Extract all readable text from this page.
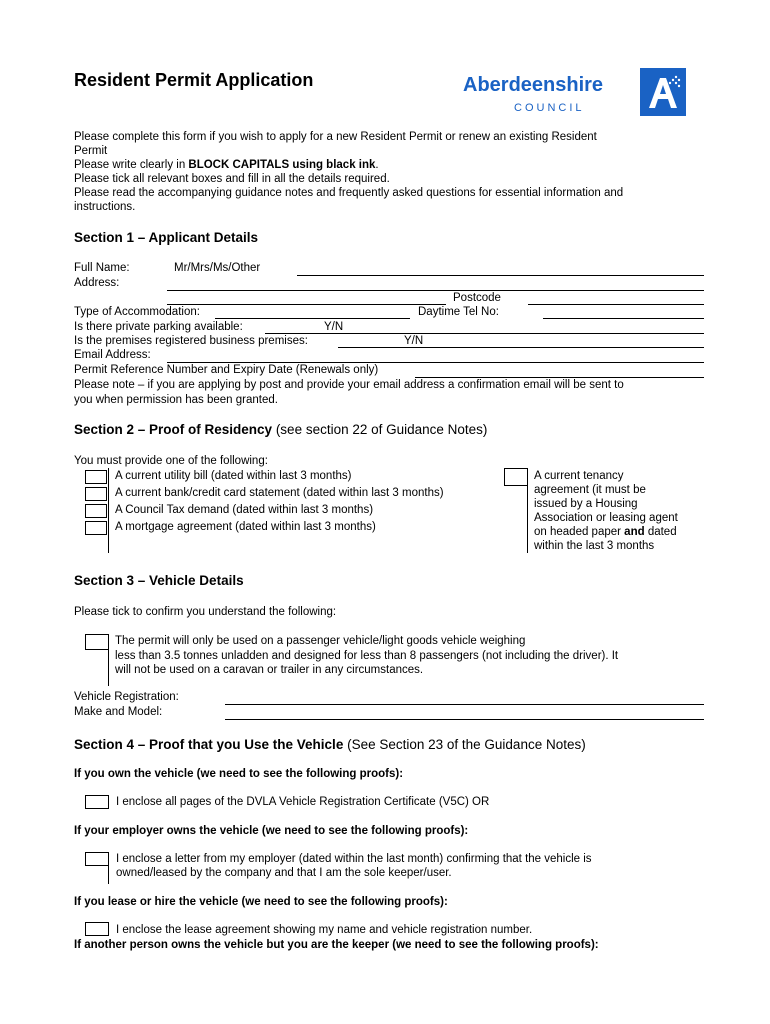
Resident Permit Application	Aberdeenshire
COUNCIL
Please complete this form if you wish to apply for a new Resident Permit or renew an existing Resident
Permit
Please write clearly in BLOCK CAPITALS using black ink.
Please tick all relevant boxes and fill in all the details required.
Please read the accompanying guidance notes and frequently asked questions for essential information and
instructions.
Section 1 – Applicant Details
Full Name:	Mr/Mrs/Ms/Other
Address:
Postcode
Type of Accommodation:	Daytime Tel No:
Is there private parking available:	Y/N
Is the premises registered business premises:	Y/N
Email Address:
Permit Reference Number and Expiry Date (Renewals only)
Please note – if you are applying by post and provide your email address a confirmation email will be sent to
you when permission has been granted.
Section 2 – Proof of Residency (see section 22 of Guidance Notes)
You must provide one of the following:
A current utility bill (dated within last 3 months)
A current bank/credit card statement (dated within last 3 months)
A Council Tax demand (dated within last 3 months)
A mortgage agreement (dated within last 3 months)
A current tenancy
agreement (it must be
issued by a Housing
Association or leasing agent
on headed paper and dated
within the last 3 months
Section 3 – Vehicle Details
Please tick to confirm you understand the following:
The permit will only be used on a passenger vehicle/light goods vehicle weighing
less than 3.5 tonnes unladden and designed for less than 8 passengers (not including the driver). It
will not be used on a caravan or trailer in any circumstances.
Vehicle Registration:
Make and Model:
Section 4 – Proof that you Use the Vehicle (See Section 23 of the Guidance Notes)
If you own the vehicle (we need to see the following proofs):
I enclose all pages of the DVLA Vehicle Registration Certificate (V5C) OR
If your employer owns the vehicle (we need to see the following proofs):
I enclose a letter from my employer (dated within the last month) confirming that the vehicle is
owned/leased by the company and that I am the sole keeper/user.
If you lease or hire the vehicle (we need to see the following proofs):
I enclose the lease agreement showing my name and vehicle registration number.
If another person owns the vehicle but you are the keeper (we need to see the following proofs):
